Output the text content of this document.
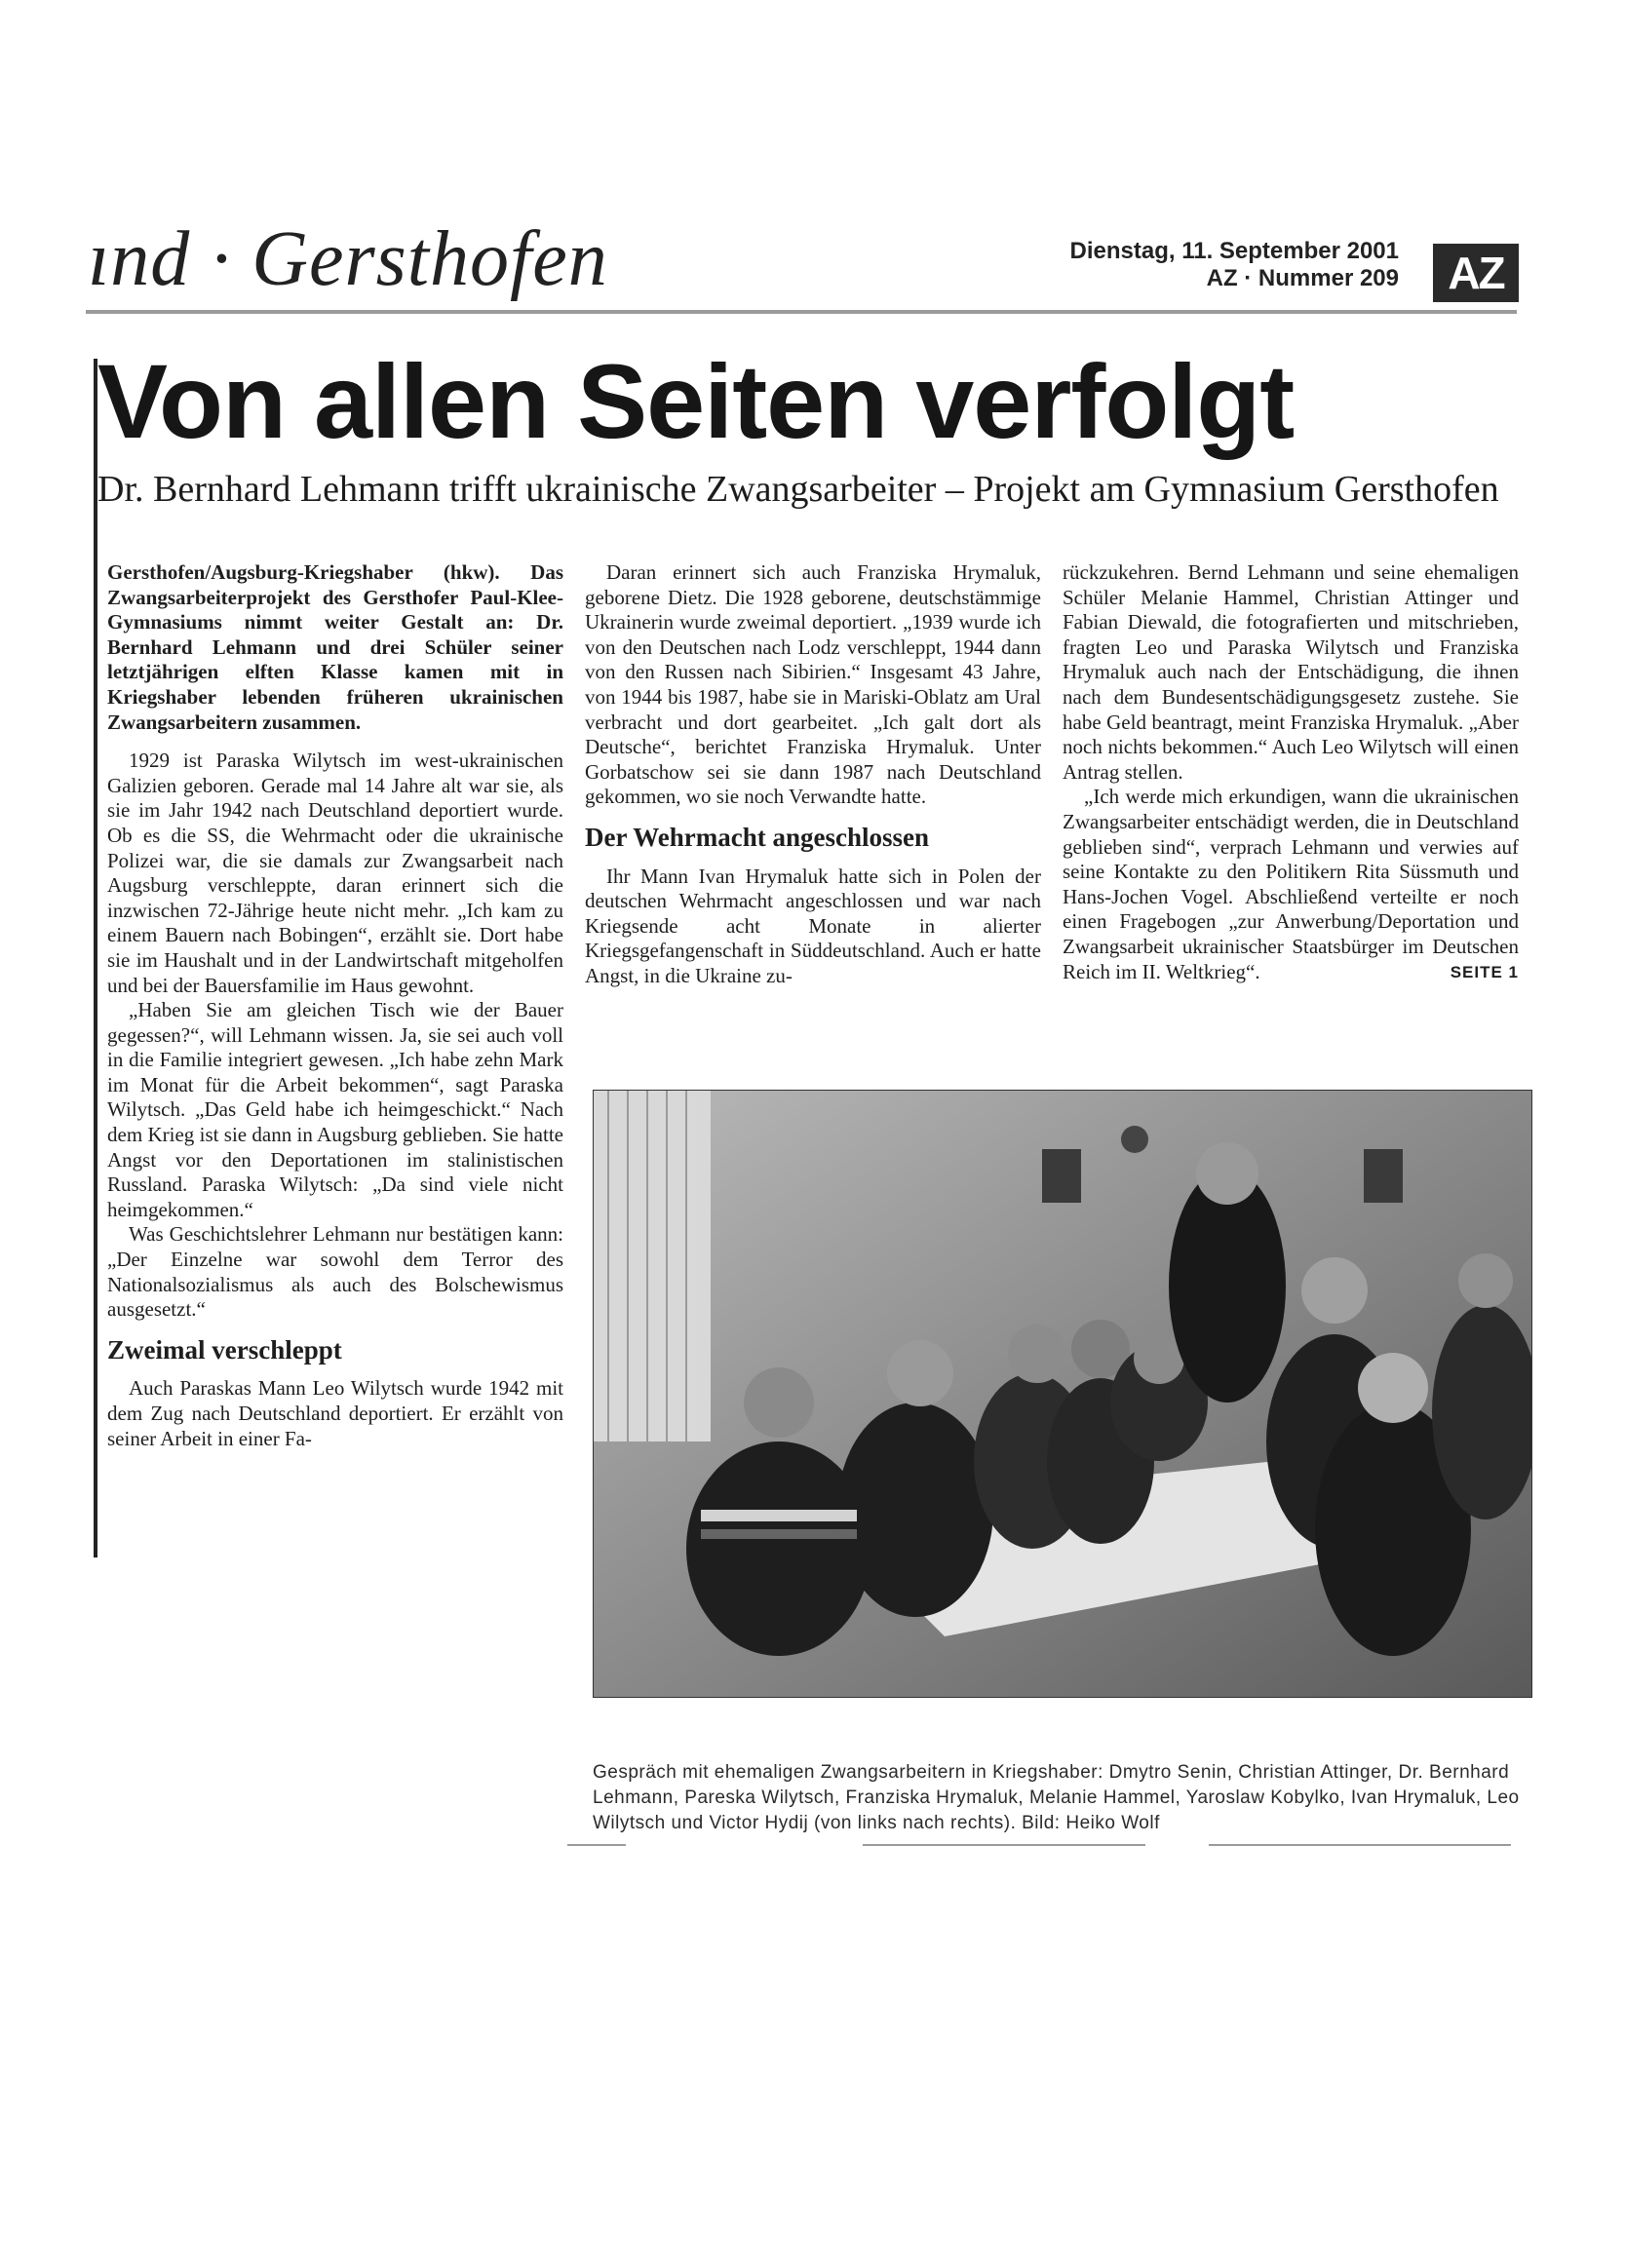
ınd · Gersthofen	Dienstag, 11. September 2001
AZ · Nummer 209	AZ
Von allen Seiten verfolgt
Dr. Bernhard Lehmann trifft ukrainische Zwangsarbeiter – Projekt am Gymnasium Gersthofen

Gersthofen/Augsburg-Kriegshaber (hkw). Das Zwangsarbeiterprojekt des Gersthofer Paul-Klee-Gymnasiums nimmt weiter Gestalt an: Dr. Bernhard Lehmann und drei Schüler seiner letztjährigen elften Klasse kamen mit in Kriegshaber lebenden früheren ukrainischen Zwangsarbeitern zusammen.

1929 ist Paraska Wilytsch im west-ukrainischen Galizien geboren. Gerade mal 14 Jahre alt war sie, als sie im Jahr 1942 nach Deutschland deportiert wurde. Ob es die SS, die Wehrmacht oder die ukrainische Polizei war, die sie damals zur Zwangsarbeit nach Augsburg verschleppte, daran erinnert sich die inzwischen 72-Jährige heute nicht mehr. „Ich kam zu einem Bauern nach Bobingen“, erzählt sie. Dort habe sie im Haushalt und in der Landwirtschaft mitgeholfen und bei der Bauersfamilie im Haus gewohnt.

„Haben Sie am gleichen Tisch wie der Bauer gegessen?“, will Lehmann wissen. Ja, sie sei auch voll in die Familie integriert gewesen. „Ich habe zehn Mark im Monat für die Arbeit bekommen“, sagt Paraska Wilytsch. „Das Geld habe ich heimgeschickt.“ Nach dem Krieg ist sie dann in Augsburg geblieben. Sie hatte Angst vor den Deportationen im stalinistischen Russland. Paraska Wilytsch: „Da sind viele nicht heimgekommen.“

Was Geschichtslehrer Lehmann nur bestätigen kann: „Der Einzelne war sowohl dem Terror des Nationalsozialismus als auch des Bolschewismus ausgesetzt.“

Zweimal verschleppt

Auch Paraskas Mann Leo Wilytsch wurde 1942 mit dem Zug nach Deutschland deportiert. Er erzählt von seiner Arbeit in einer Fa-

Daran erinnert sich auch Franziska Hrymaluk, geborene Dietz. Die 1928 geborene, deutschstämmige Ukrainerin wurde zweimal deportiert. „1939 wurde ich von den Deutschen nach Lodz verschleppt, 1944 dann von den Russen nach Sibirien.“ Insgesamt 43 Jahre, von 1944 bis 1987, habe sie in Mariski-Oblatz am Ural verbracht und dort gearbeitet. „Ich galt dort als Deutsche“, berichtet Franziska Hrymaluk. Unter Gorbatschow sei sie dann 1987 nach Deutschland gekommen, wo sie noch Verwandte hatte.

Der Wehrmacht angeschlossen

Ihr Mann Ivan Hrymaluk hatte sich in Polen der deutschen Wehrmacht angeschlossen und war nach Kriegsende acht Monate in alierter Kriegsgefangenschaft in Süddeutschland. Auch er hatte Angst, in die Ukraine zu-

rückzukehren. Bernd Lehmann und seine ehemaligen Schüler Melanie Hammel, Christian Attinger und Fabian Diewald, die fotografierten und mitschrieben, fragten Leo und Paraska Wilytsch und Franziska Hrymaluk auch nach der Entschädigung, die ihnen nach dem Bundesentschädigungsgesetz zustehe. Sie habe Geld beantragt, meint Franziska Hrymaluk. „Aber noch nichts bekommen.“ Auch Leo Wilytsch will einen Antrag stellen.

„Ich werde mich erkundigen, wann die ukrainischen Zwangsarbeiter entschädigt werden, die in Deutschland geblieben sind“, verprach Lehmann und verwies auf seine Kontakte zu den Politikern Rita Süssmuth und Hans-Jochen Vogel. Abschließend verteilte er noch einen Fragebogen „zur Anwerbung/Deportation und Zwangsarbeit ukrainischer Staatsbürger im Deutschen Reich im II. Weltkrieg“.	SEITE 1

Gespräch mit ehemaligen Zwangsarbeitern in Kriegshaber: Dmytro Senin, Christian Attinger, Dr. Bernhard Lehmann, Pareska Wilytsch, Franziska Hrymaluk, Melanie Hammel, Yaroslaw Kobylko, Ivan Hrymaluk, Leo Wilytsch und Victor Hydij (von links nach rechts). Bild: Heiko Wolf
